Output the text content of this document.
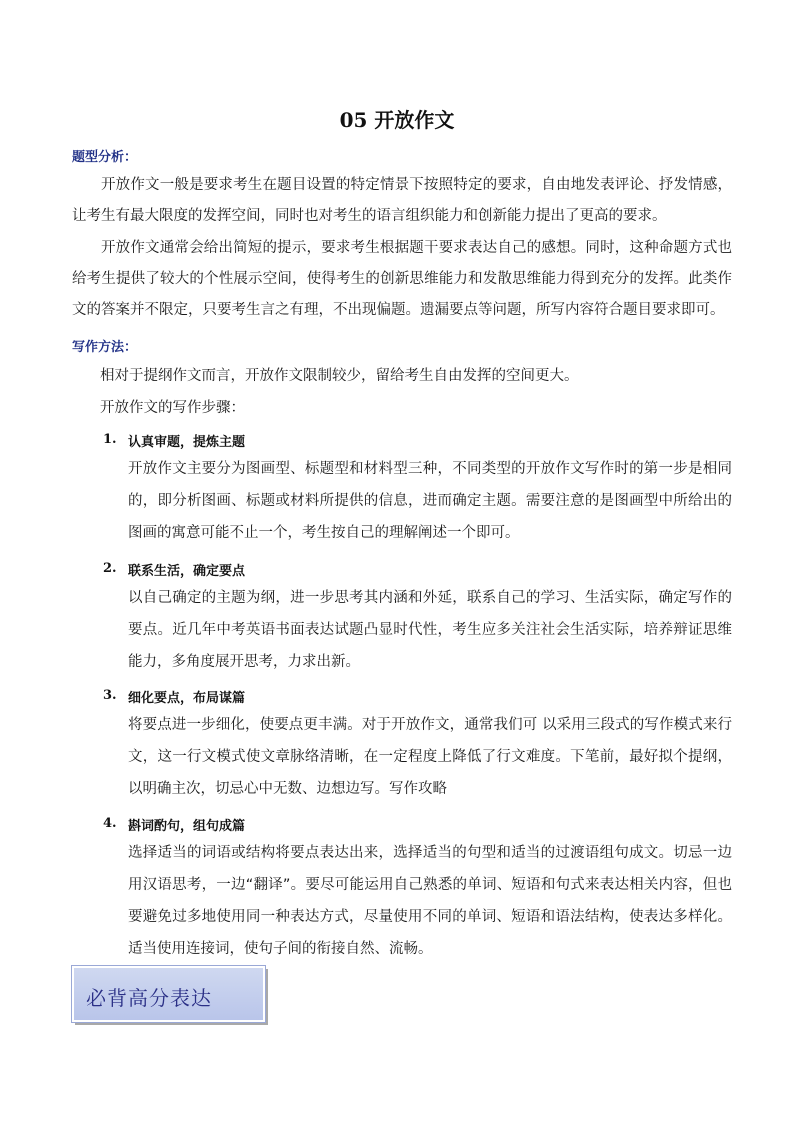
05 开放作文
题型分析：

开放作文一般是要求考生在题目设置的特定情景下按照特定的要求，自由地发表评论、抒发情感，让考生有最大限度的发挥空间，同时也对考生的语言组织能力和创新能力提出了更高的要求。

开放作文通常会给出简短的提示，要求考生根据题干要求表达自己的感想。同时，这种命题方式也给考生提供了较大的个性展示空间，使得考生的创新思维能力和发散思维能力得到充分的发挥。此类作文的答案并不限定，只要考生言之有理，不出现偏题。遗漏要点等问题，所写内容符合题目要求即可。

写作方法：
相对于提纲作文而言，开放作文限制较少，留给考生自由发挥的空间更大。
开放作文的写作步骤：
1. 认真审题，提炼主题

开放作文主要分为图画型、标题型和材料型三种，不同类型的开放作文写作时的第一步是相同的，即分析图画、标题或材料所提供的信息，进而确定主题。需要注意的是图画型中所给出的图画的寓意可能不止一个，考生按自己的理解阐述一个即可。

2. 联系生活，确定要点

以自己确定的主题为纲，进一步思考其内涵和外延，联系自己的学习、生活实际，确定写作的要点。近几年中考英语书面表达试题凸显时代性，考生应多关注社会生活实际，培养辩证思维能力，多角度展开思考，力求出新。

3. 细化要点，布局谋篇

将要点进一步细化，使要点更丰满。对于开放作文，通常我们可 以采用三段式的写作模式来行文，这一行文模式使文章脉络清晰，在一定程度上降低了行文难度。下笔前，最好拟个提纲，以明确主次，切忌心中无数、边想边写。写作攻略

4. 斟词酌句，组句成篇

选择适当的词语或结构将要点表达出来，选择适当的句型和适当的过渡语组句成文。切忌一边用汉语思考，一边“翻译”。要尽可能运用自己熟悉的单词、短语和句式来表达相关内容，但也要避免过多地使用同一种表达方式，尽量使用不同的单词、短语和语法结构，使表达多样化。适当使用连接词，使句子间的衔接自然、流畅。

必背高分表达
